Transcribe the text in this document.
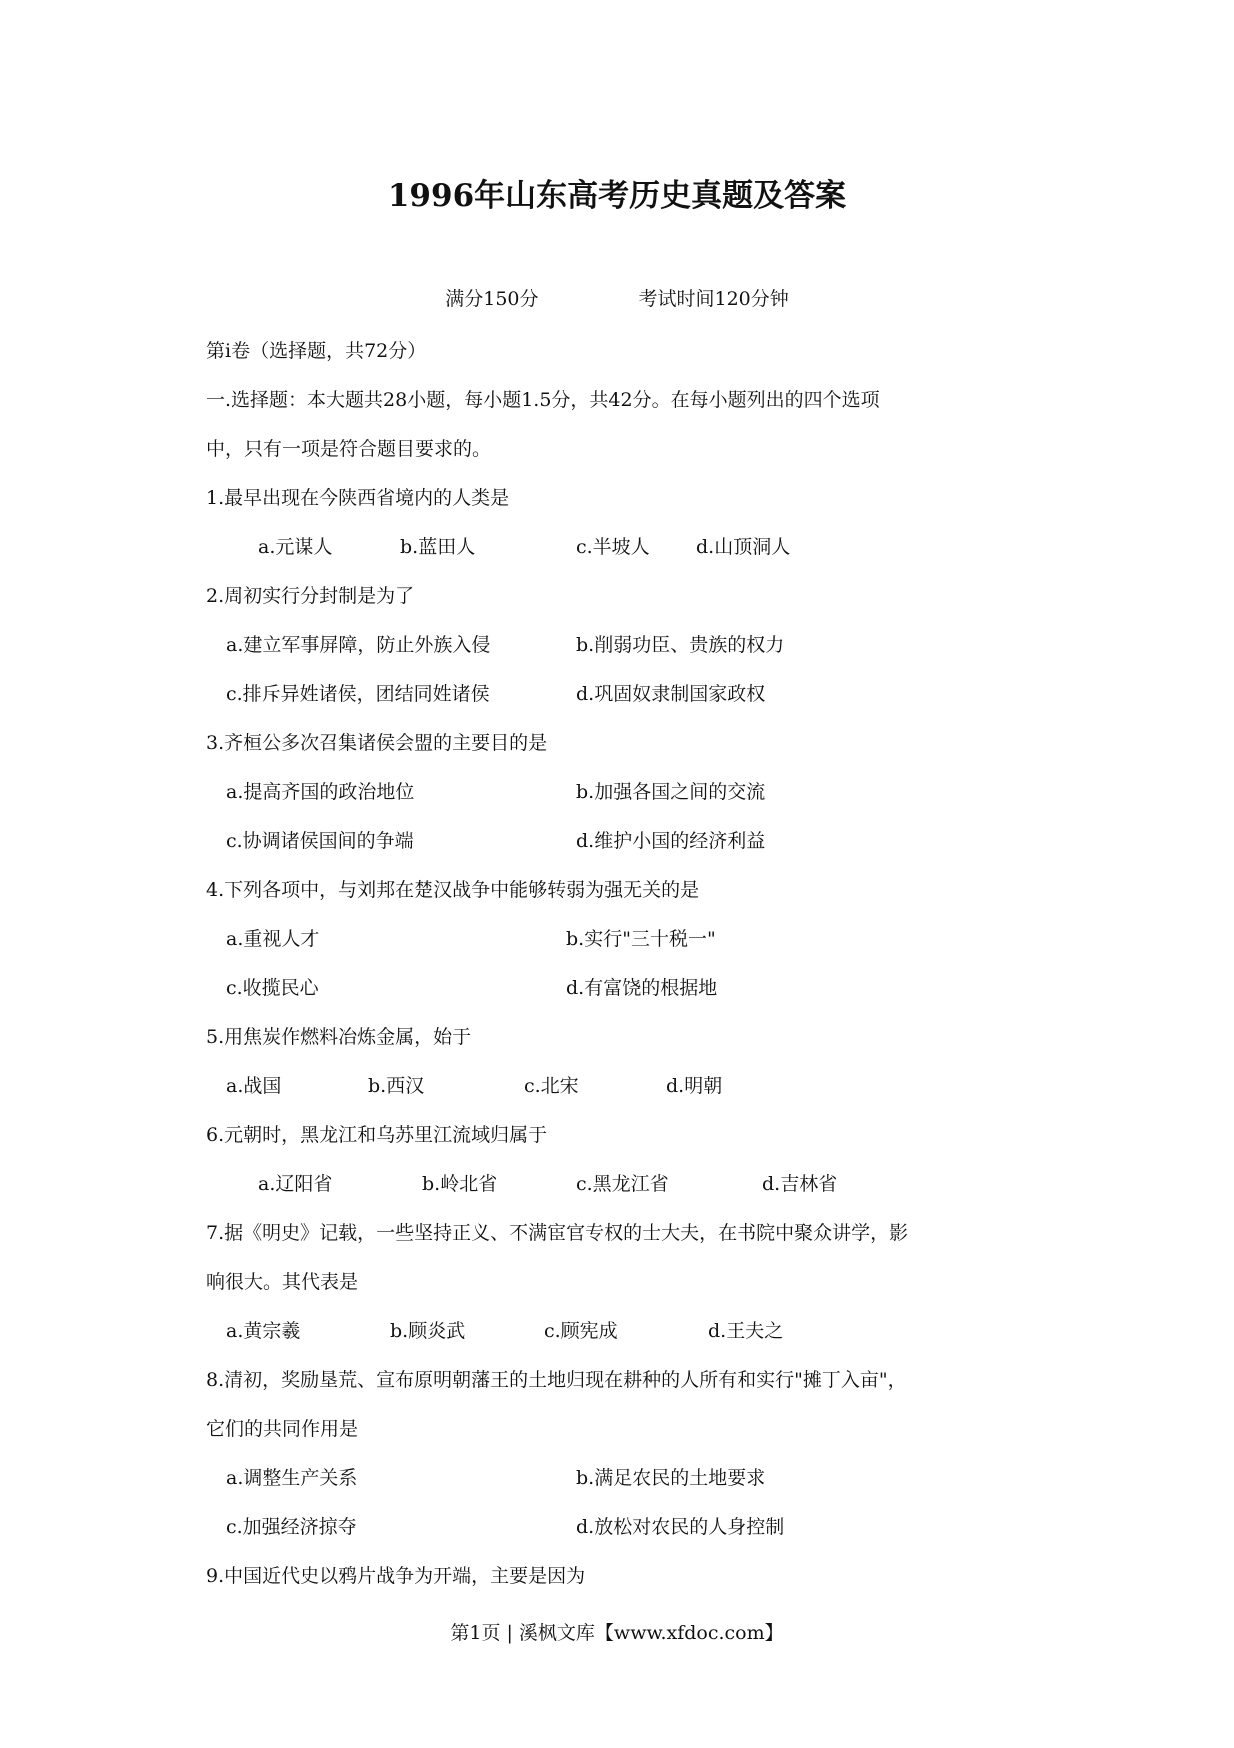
1996年山东高考历史真题及答案
满分150分	考试时间120分钟
第i卷（选择题，共72分）
一.选择题：本大题共28小题，每小题1.5分，共42分。在每小题列出的四个选项
中，只有一项是符合题目要求的。
1.最早出现在今陕西省境内的人类是
a.元谋人	b.蓝田人	c.半坡人	d.山顶洞人
2.周初实行分封制是为了
a.建立军事屏障，防止外族入侵	b.削弱功臣、贵族的权力
c.排斥异姓诸侯，团结同姓诸侯	d.巩固奴隶制国家政权
3.齐桓公多次召集诸侯会盟的主要目的是
a.提高齐国的政治地位	b.加强各国之间的交流
c.协调诸侯国间的争端	d.维护小国的经济利益
4.下列各项中，与刘邦在楚汉战争中能够转弱为强无关的是
a.重视人才	b.实行"三十税一"
c.收揽民心	d.有富饶的根据地
5.用焦炭作燃料冶炼金属，始于
a.战国	b.西汉	c.北宋	d.明朝
6.元朝时，黑龙江和乌苏里江流域归属于
a.辽阳省	b.岭北省	c.黑龙江省	d.吉林省
7.据《明史》记载，一些坚持正义、不满宦官专权的士大夫，在书院中聚众讲学，影
响很大。其代表是
a.黄宗羲	b.顾炎武	c.顾宪成	d.王夫之
8.清初，奖励垦荒、宣布原明朝藩王的土地归现在耕种的人所有和实行"摊丁入亩"，
它们的共同作用是
a.调整生产关系	b.满足农民的土地要求
c.加强经济掠夺	d.放松对农民的人身控制
9.中国近代史以鸦片战争为开端，主要是因为
第1页 | 溪枫文库【www.xfdoc.com】
